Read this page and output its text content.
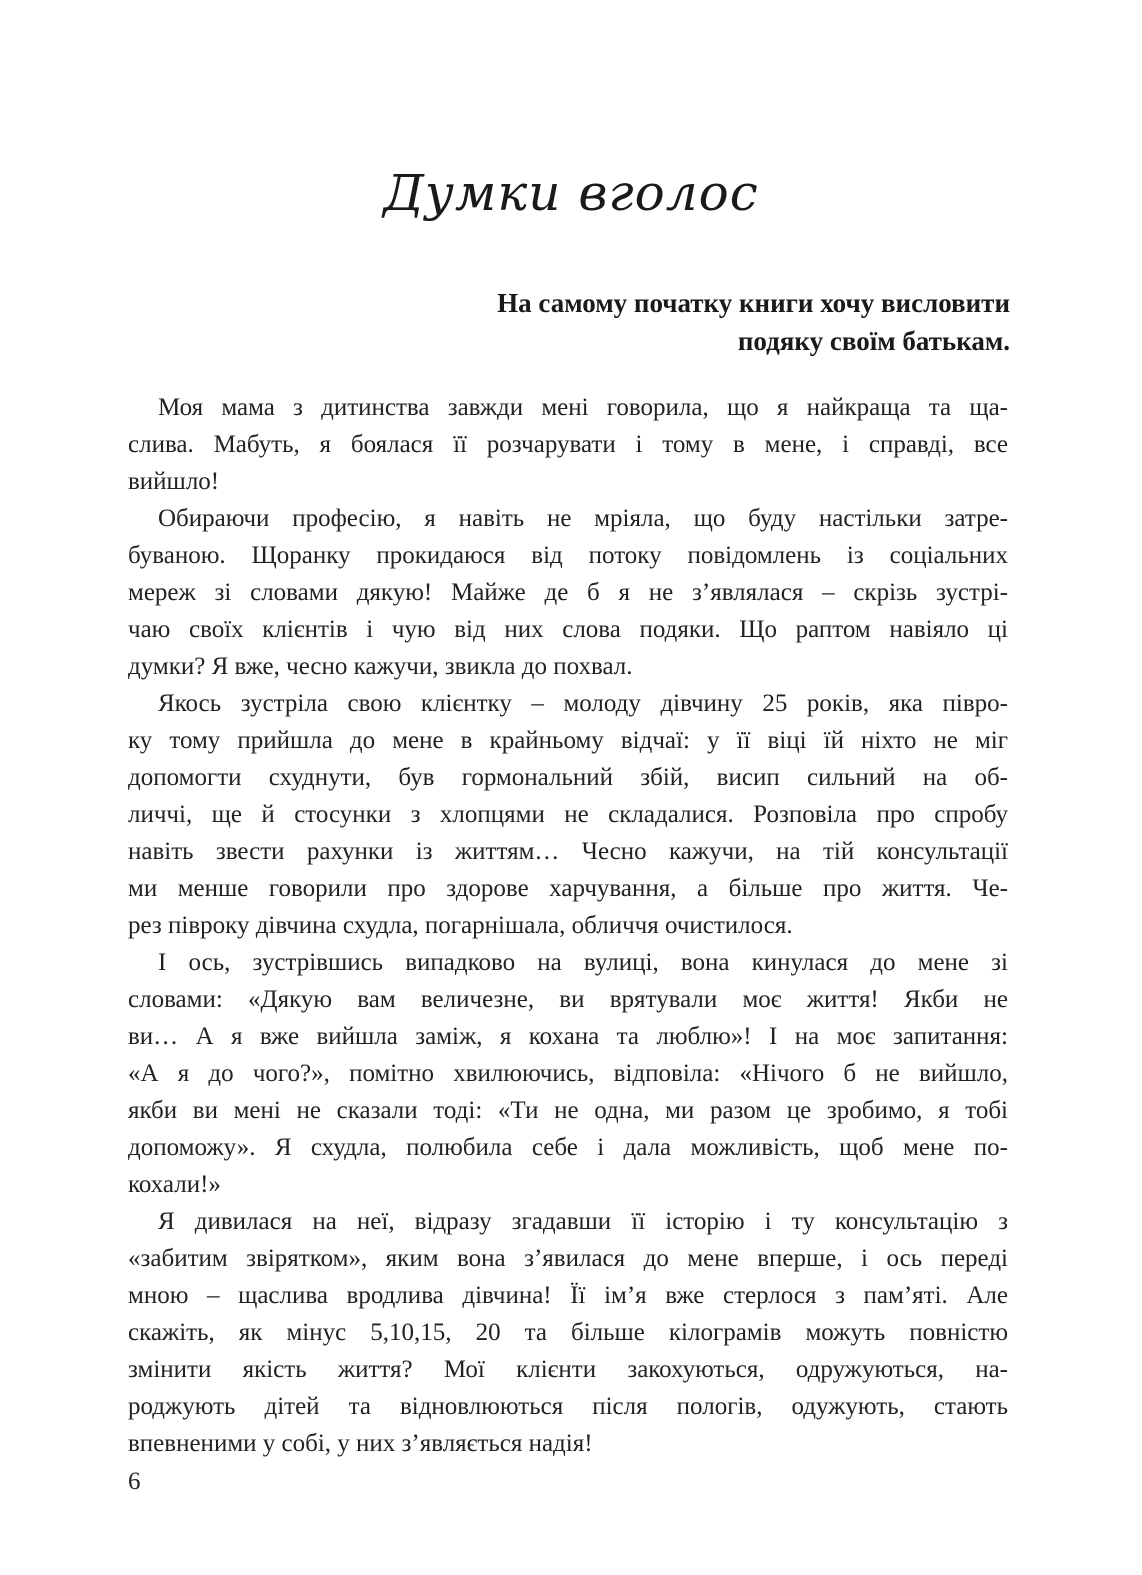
Думки вголос
На самому початку книги хочу висловити
подяку своїм батькам.

Моя мама з дитинства завжди мені говорила, що я найкраща та ща-
слива. Мабуть, я боялася її розчарувати і тому в мене, і справді, все
вийшло!

Обираючи професію, я навіть не мріяла, що буду настільки затре-
буваною. Щоранку прокидаюся від потоку повідомлень із соціальних
мереж зі словами дякую! Майже де б я не з’являлася – скрізь зустрі-
чаю своїх клієнтів і чую від них слова подяки. Що раптом навіяло ці
думки? Я вже, чесно кажучи, звикла до похвал.

Якось зустріла свою клієнтку – молоду дівчину 25 років, яка півро-
ку тому прийшла до мене в крайньому відчаї: у її віці їй ніхто не міг
допомогти схуднути, був гормональний збій, висип сильний на об-
личчі, ще й стосунки з хлопцями не складалися. Розповіла про спробу
навіть звести рахунки із життям… Чесно кажучи, на тій консультації
ми менше говорили про здорове харчування, а більше про життя. Че-
рез півроку дівчина схудла, погарнішала, обличчя очистилося.

І ось, зустрівшись випадково на вулиці, вона кинулася до мене зі
словами: «Дякую вам величезне, ви врятували моє життя! Якби не
ви… А я вже вийшла заміж, я кохана та люблю»! І на моє запитання:
«А я до чого?», помітно хвилюючись, відповіла: «Нічого б не вийшло,
якби ви мені не сказали тоді: «Ти не одна, ми разом це зробимо, я тобі
допоможу». Я схудла, полюбила себе і дала можливість, щоб мене по-
кохали!»

Я дивилася на неї, відразу згадавши її історію і ту консультацію з
«забитим звірятком», яким вона з’явилася до мене вперше, і ось переді
мною – щаслива вродлива дівчина! Її ім’я вже стерлося з пам’яті. Але
скажіть, як мінус 5,10,15, 20 та більше кілограмів можуть повністю
змінити якість життя? Мої клієнти закохуються, одружуються, на-
роджують дітей та відновлюються після пологів, одужують, стають
впевненими у собі, у них з’являється надія!

6
